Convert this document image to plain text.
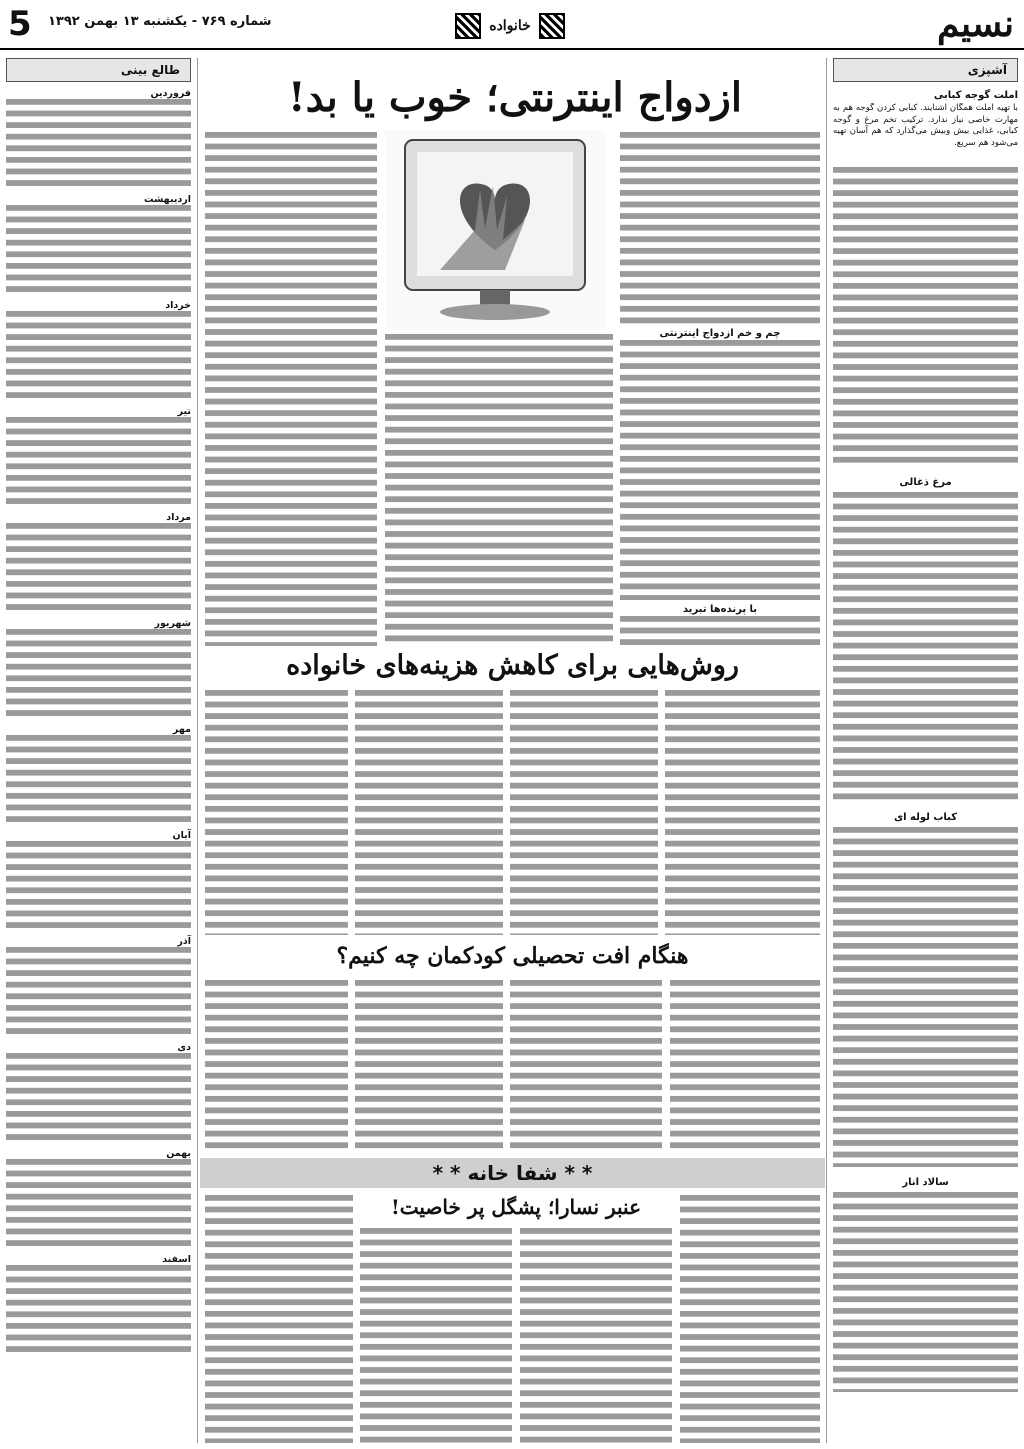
5 شماره ۷۶۹ - یکشنبه ۱۳ بهمن ۱۳۹۲	خانواده	نسیم
آشپزی
املت گوجه کبابی
با تهیه املت همگان آشنایند. کبابی کردن گوجه هم به مهارت خاصی نیاز ندارد. ترکیب تخم مرغ و گوجه کبابی، غذایی بیش وبیش می‌گذارد که هم آسان تهیه می‌شود هم سریع.
مرغ ذغالی
کباب لوله ای
سالاد انار
طالع بینی
فروردین
اردیبهشت
خرداد
تیر
مرداد
شهریور
مهر
آبان
آذر
دی
بهمن
اسفند
ازدواج اینترنتی؛ خوب یا بد!
چم و خم ازدواج اینترنتی
با پرنده‌ها تبرید
روش‌هایی برای کاهش هزینه‌های خانواده
هنگام افت تحصیلی کودکمان چه کنیم؟
* * شفا خانه * *
عنبر نسارا؛ پشگل پر خاصیت!
